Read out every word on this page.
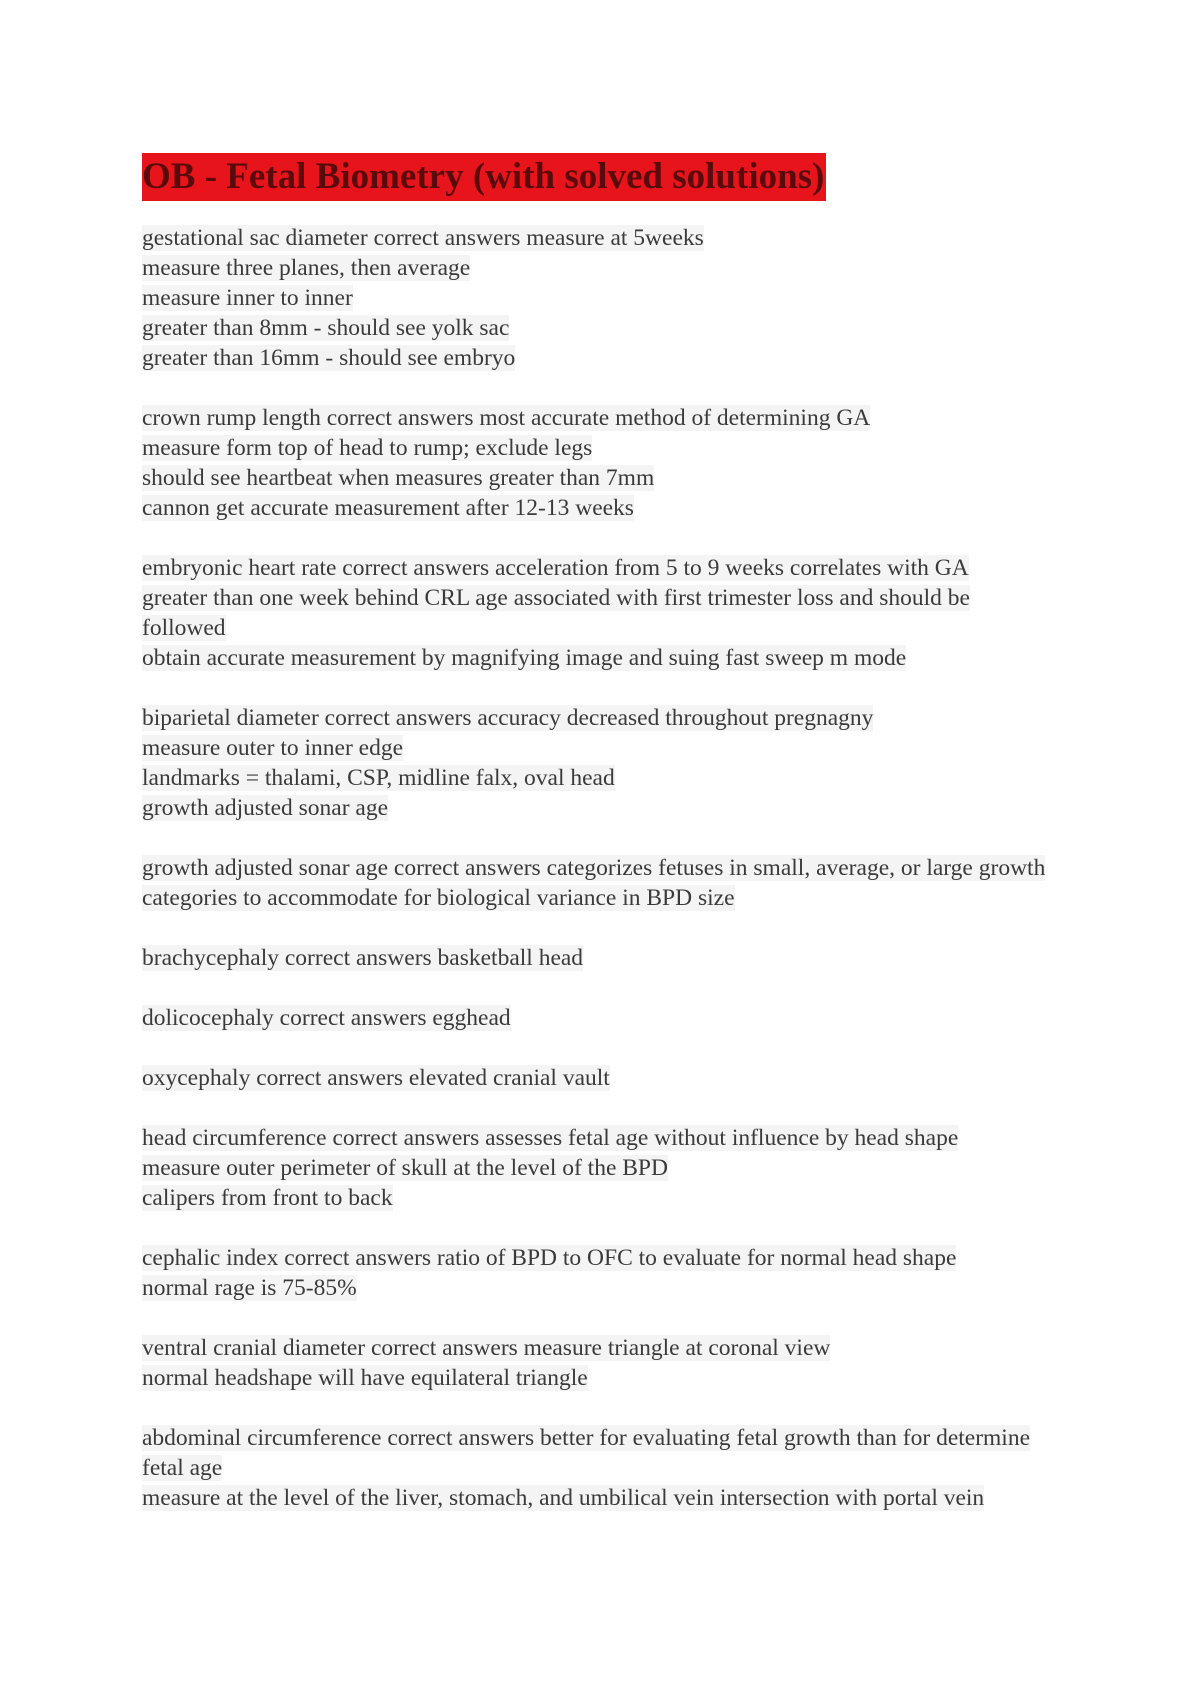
OB - Fetal Biometry (with solved solutions)
gestational sac diameter correct answers measure at 5weeks
measure three planes, then average
measure inner to inner
greater than 8mm - should see yolk sac
greater than 16mm - should see embryo
crown rump length correct answers most accurate method of determining GA
measure form top of head to rump; exclude legs
should see heartbeat when measures greater than 7mm
cannon get accurate measurement after 12-13 weeks
embryonic heart rate correct answers acceleration from 5 to 9 weeks correlates with GA
greater than one week behind CRL age associated with first trimester loss and should be
followed
obtain accurate measurement by magnifying image and suing fast sweep m mode
biparietal diameter correct answers accuracy decreased throughout pregnagny
measure outer to inner edge
landmarks = thalami, CSP, midline falx, oval head
growth adjusted sonar age
growth adjusted sonar age correct answers categorizes fetuses in small, average, or large growth
categories to accommodate for biological variance in BPD size
brachycephaly correct answers basketball head
dolicocephaly correct answers egghead
oxycephaly correct answers elevated cranial vault
head circumference correct answers assesses fetal age without influence by head shape
measure outer perimeter of skull at the level of the BPD
calipers from front to back
cephalic index correct answers ratio of BPD to OFC to evaluate for normal head shape
normal rage is 75-85%
ventral cranial diameter correct answers measure triangle at coronal view
normal headshape will have equilateral triangle
abdominal circumference correct answers better for evaluating fetal growth than for determine
fetal age
measure at the level of the liver, stomach, and umbilical vein intersection with portal vein
